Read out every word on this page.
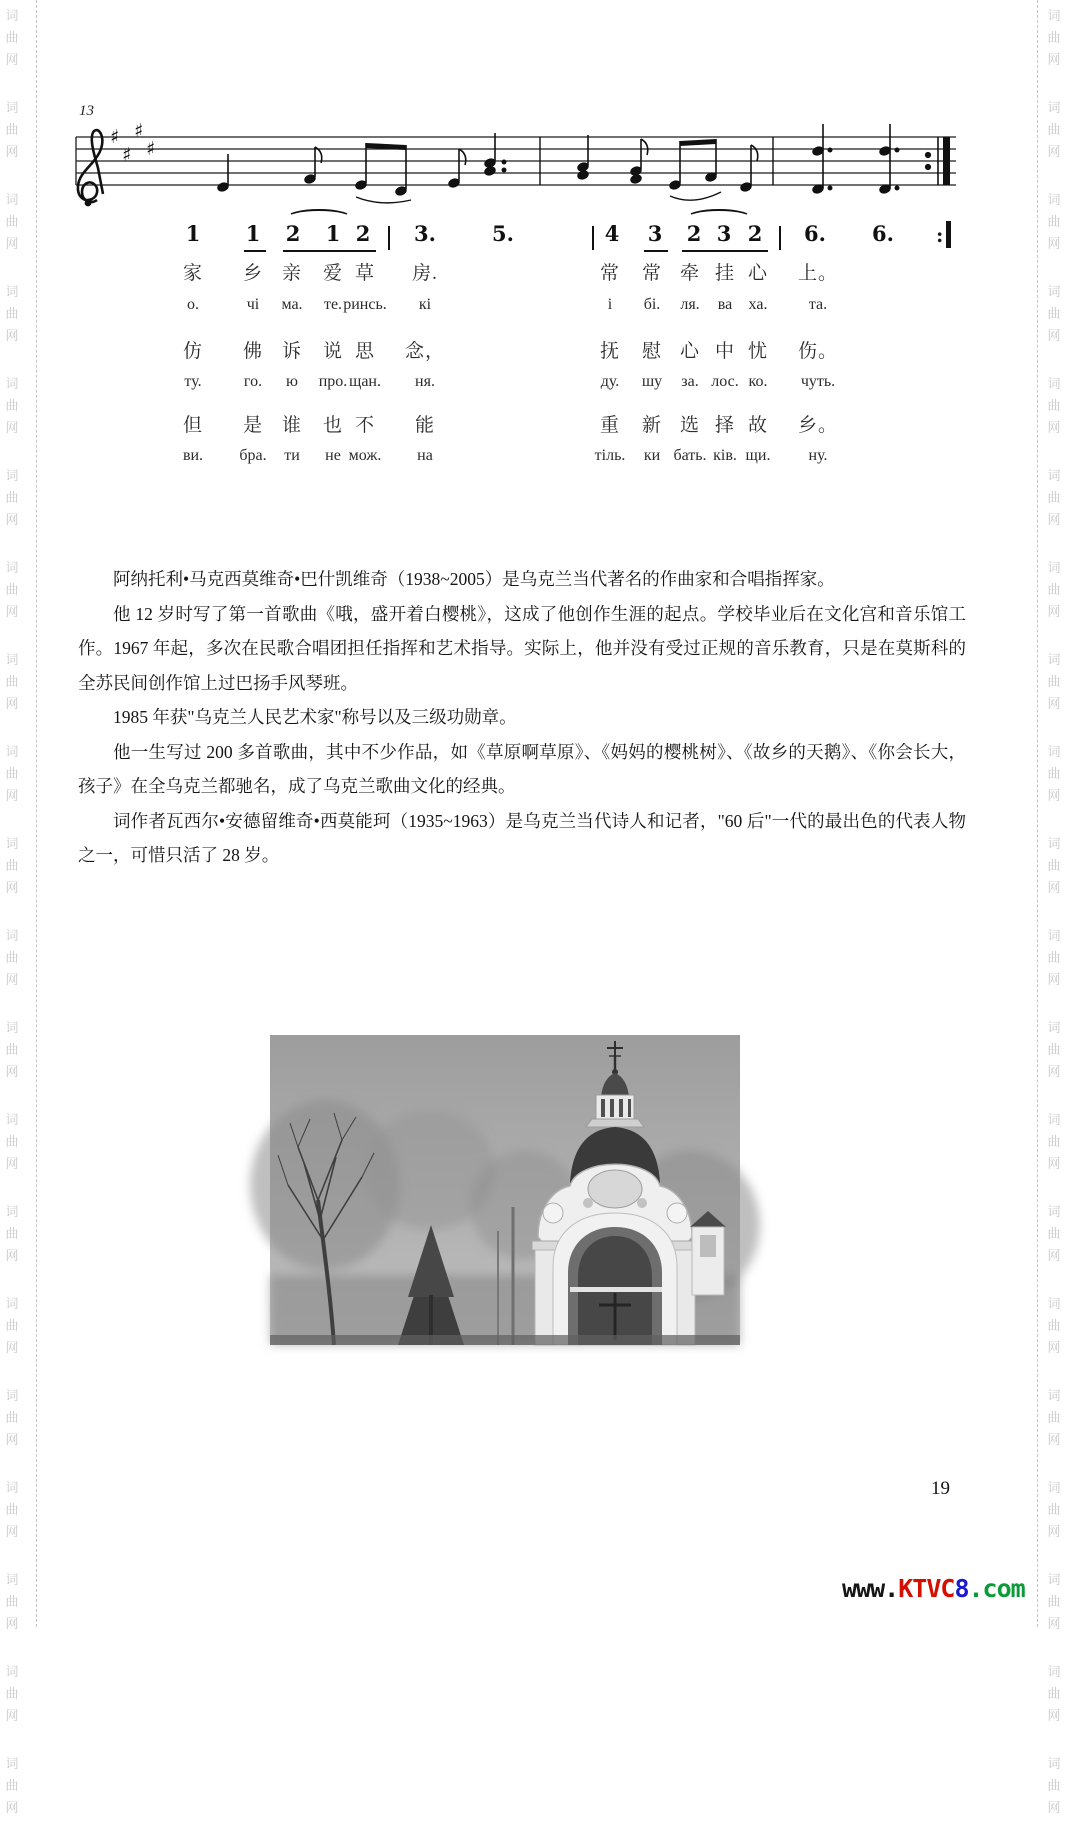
词
曲
网
词
曲
网
词
曲
网
词
曲
网
词
曲
网
词
曲
网
词
曲
网
词
曲
网
词
曲
网
词
曲
网
词
曲
网
词
曲
网
词
曲
网
词
曲
网
词
曲
网
词
曲
网
词
曲
网
词
曲
网
词
曲
网
词
曲
网
词
曲
网
词
曲
网
词
曲
网
词
曲
网
词
曲
网
词
曲
网
词
曲
网
词
曲
网
词
曲
网
词
曲
网
词
曲
网
词
曲
网
词
曲
网
词
曲
网
词
曲
网
词
曲
网
词
曲
网
词
曲
网
词
曲
网
词
曲
网
13
♯
♯
♯
♯
1 1 2 1 2 3.	5.	4 3 2 3 2 6. 6. :
家 乡 亲 爱 草 房.	常 常 牵 挂 心 上。
о.	чі ма. те. ринсь. кі	і бі. ля. ва ха.	та.
仿 佛 诉 说 思 念，	抚 慰 心 中 忧 伤。
ту.	го. ю про. щан. ня.	ду. шу за. лос. ко. чуть.
但 是 谁 也 不 能	重 新 选 择 故 乡。
ви. бра. ти не мож. на	тіль. ки бать. ків. щи. ну.

阿纳托利•马克西莫维奇•巴什凯维奇（1938~2005）是乌克兰当代著名的作曲家和合唱指挥家。

他 12 岁时写了第一首歌曲《哦，盛开着白樱桃》，这成了他创作生涯的起点。学校毕业后在文化宫和音乐馆工作。1967 年起，多次在民歌合唱团担任指挥和艺术指导。实际上，他并没有受过正规的音乐教育，只是在莫斯科的全苏民间创作馆上过巴扬手风琴班。

1985 年获"乌克兰人民艺术家"称号以及三级功勋章。

他一生写过 200 多首歌曲，其中不少作品，如《草原啊草原》、《妈妈的樱桃树》、《故乡的天鹅》、《你会长大，孩子》在全乌克兰都驰名，成了乌克兰歌曲文化的经典。

词作者瓦西尔•安德留维奇•西莫能珂（1935~1963）是乌克兰当代诗人和记者，"60 后"一代的最出色的代表人物之一，可惜只活了 28 岁。

19
www.KTVC8.com
